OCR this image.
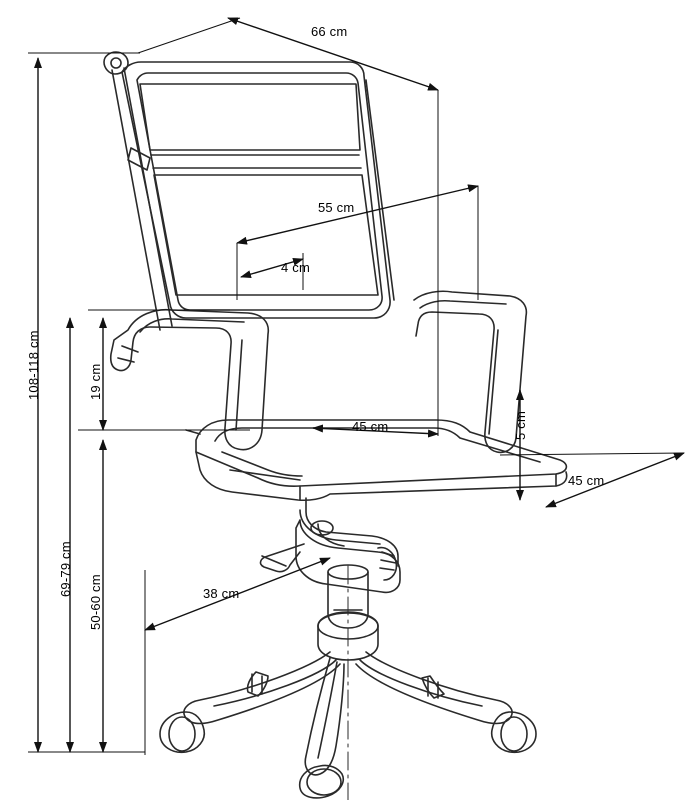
66 cm
55 cm
4 cm
45 cm
45 cm
38 cm
5 cm
19 cm
108-118 cm
69-79 cm
50-60 cm
